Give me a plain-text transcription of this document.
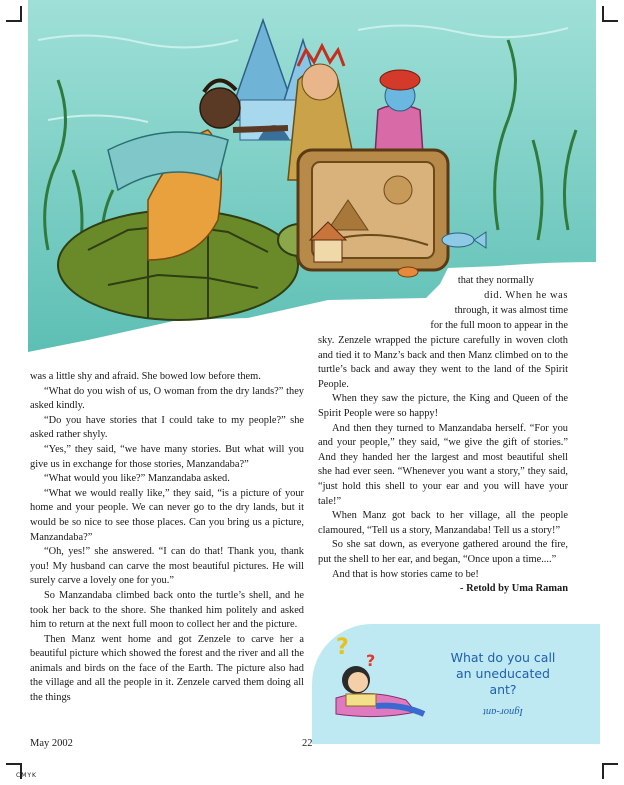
that they normally
did. When he was
through, it was almost time
for the full moon to appear in the

was a little shy and afraid. She bowed low before them.

“What do you wish of us, O woman from the dry lands?” they asked kindly.

“Do you have stories that I could take to my people?” she asked rather shyly.

“Yes,” they said, “we have many stories. But what will you give us in exchange for those stories, Manzandaba?”

“What would you like?” Manzandaba asked.

“What we would really like,” they said, “is a picture of your home and your people. We can never go to the dry lands, but it would be so nice to see those places. Can you bring us a picture, Manzandaba?”

“Oh, yes!” she answered. “I can do that! Thank you, thank you! My husband can carve the most beautiful pictures. He will surely carve a lovely one for you.”

So Manzandaba climbed back onto the turtle’s shell, and he took her back to the shore. She thanked him politely and asked him to return at the next full moon to collect her and the picture.

Then Manz went home and got Zenzele to carve her a beautiful picture which showed the forest and the river and all the animals and birds on the face of the Earth. The picture also had the village and all the people in it. Zenzele carved them doing all the things

sky. Zenzele wrapped the picture carefully in woven cloth and tied it to Manz’s back and then Manz climbed on to the turtle’s back and away they went to the land of the Spirit People.

When they saw the picture, the King and Queen of the Spirit People were so happy!

And then they turned to Manzandaba herself. “For you and your people,” they said, “we give the gift of stories.” And they handed her the largest and most beautiful shell she had ever seen. “Whenever you want a story,” they said, “just hold this shell to your ear and you will have your tale!”

When Manz got back to her village, all the people clamoured, “Tell us a story, Manzandaba! Tell us a story!”

So she sat down, as everyone gathered around the fire, put the shell to her ear, and began, “Once upon a time....”

And that is how stories came to be!

- Retold by Uma Raman

?
?	What do you call
an uneducated
ant?
Ignor-ant
May 2002	22
CMYK
